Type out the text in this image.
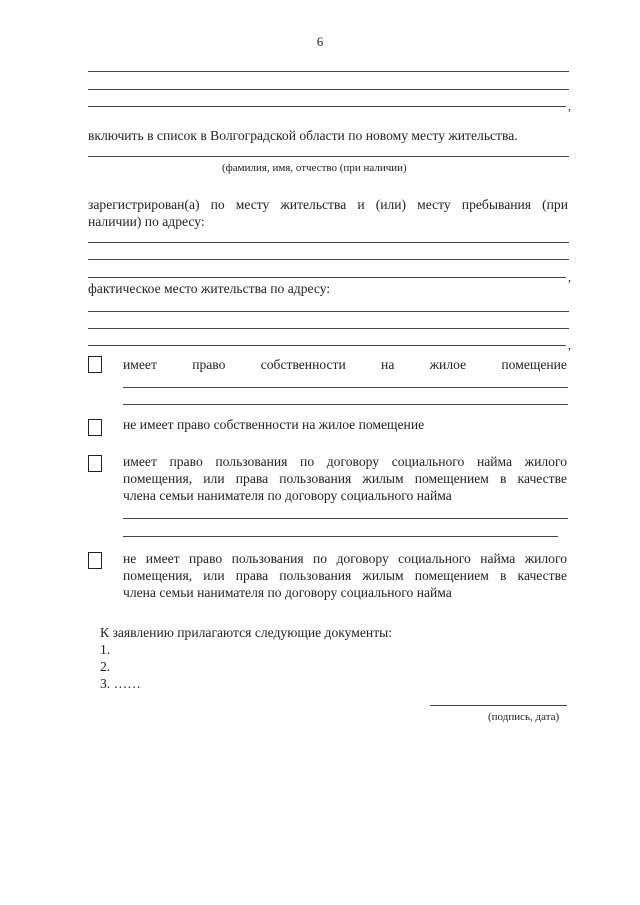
6
,
включить в список в Волгоградской области по новому месту жительства.
(фамилия, имя, отчество (при наличии)
зарегистрирован(а) по месту жительства и (или) месту пребывания (при
наличии) по адресу:
,
фактическое место жительства по адресу:
,
имеет	право	собственности	на	жилое	помещение
не имеет право собственности на жилое помещение
имеет право пользования по договору социального найма жилого
помещения, или права пользования жилым помещением в качестве
члена семьи нанимателя по договору социального найма
не имеет право пользования по договору социального найма жилого
помещения, или права пользования жилым помещением в качестве
члена семьи нанимателя по договору социального найма
К заявлению прилагаются следующие документы:
1.
2.
3. ……
(подпись, дата)
